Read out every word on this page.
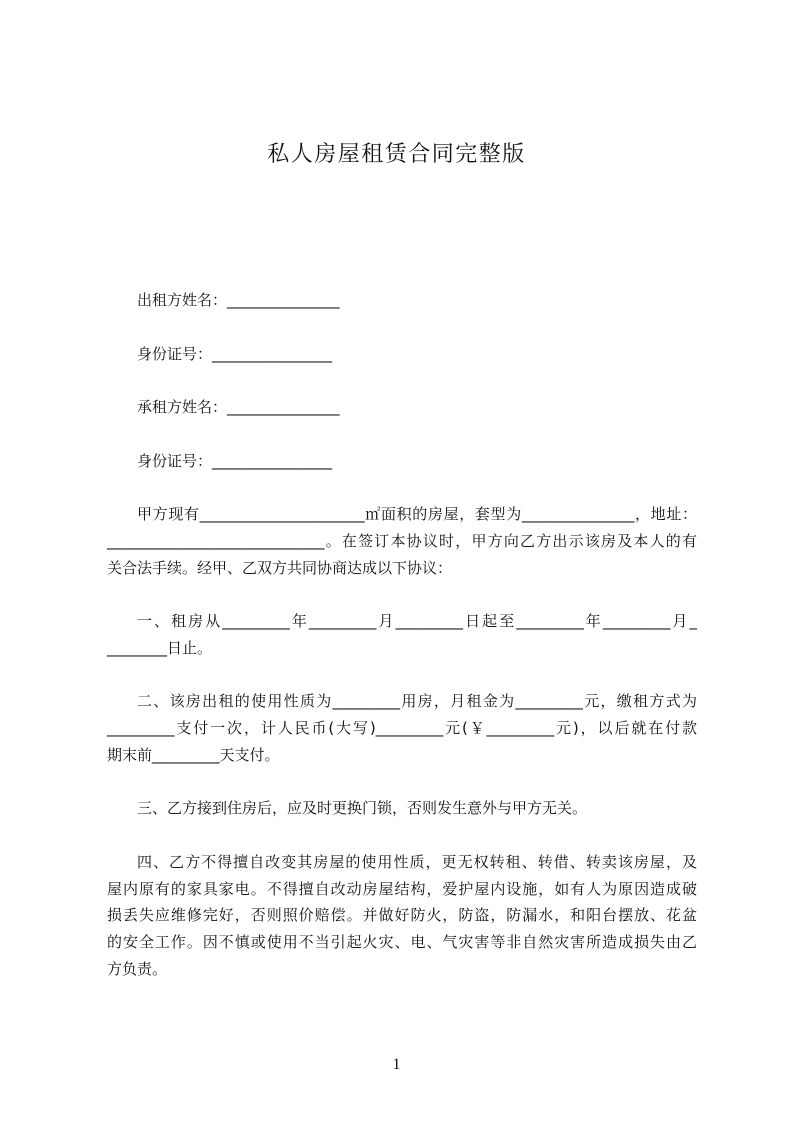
私人房屋租赁合同完整版
出租方姓名：_______________
身份证号：________________
承租方姓名：_______________
身份证号：________________
甲方现有______________________㎡面积的房屋，套型为_______________，地址：
_____________________________。在签订本协议时，甲方向乙方出示该房及本人的有
关合法手续。经甲、乙双方共同协商达成以下协议：
一、租房从_________年_________月_________日起至_________年_________月_
________日止。
二、该房出租的使用性质为_________用房，月租金为_________元，缴租方式为
_________支付一次，计人民币(大写)_________元(￥_________元)，以后就在付款
期末前_________天支付。
三、乙方接到住房后，应及时更换门锁，否则发生意外与甲方无关。
四、乙方不得擅自改变其房屋的使用性质，更无权转租、转借、转卖该房屋，及
屋内原有的家具家电。不得擅自改动房屋结构，爱护屋内设施，如有人为原因造成破
损丢失应维修完好，否则照价赔偿。并做好防火，防盗，防漏水，和阳台摆放、花盆
的安全工作。因不慎或使用不当引起火灾、电、气灾害等非自然灾害所造成损失由乙
方负责。
1
